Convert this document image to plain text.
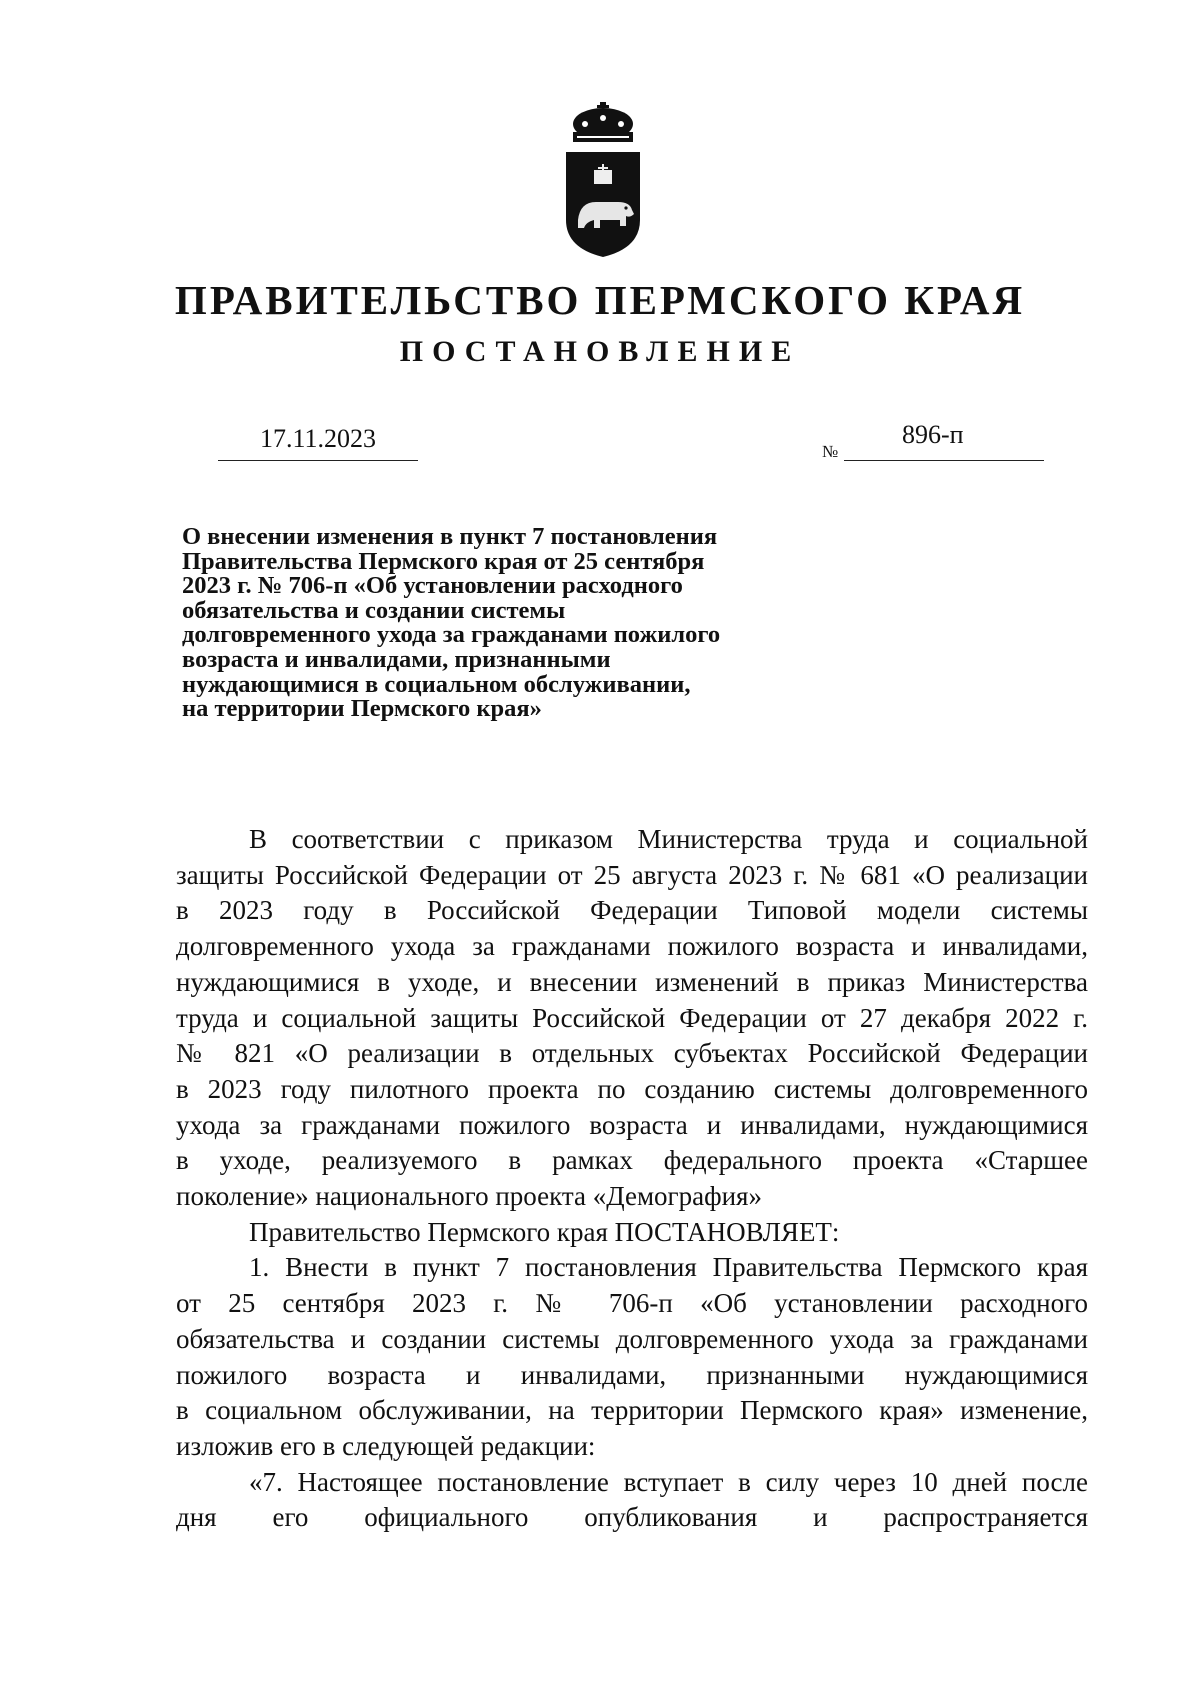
ПРАВИТЕЛЬСТВО ПЕРМСКОГО КРАЯ
ПОСТАНОВЛЕНИЕ
17.11.2023	№
896-п
О внесении изменения в пункт 7 постановления
Правительства Пермского края от 25 сентября
2023 г. № 706-п «Об установлении расходного
обязательства и создании системы
долговременного ухода за гражданами пожилого
возраста и инвалидами, признанными
нуждающимися в социальном обслуживании,
на территории Пермского края»
В соответствии с приказом Министерства труда и социальной
защиты Российской Федерации от 25 августа 2023 г. № 681 «О реализации
в 2023 году в Российской Федерации Типовой модели системы
долговременного ухода за гражданами пожилого возраста и инвалидами,
нуждающимися в уходе, и внесении изменений в приказ Министерства
труда и социальной защиты Российской Федерации от 27 декабря 2022 г.
№ 821 «О реализации в отдельных субъектах Российской Федерации
в 2023 году пилотного проекта по созданию системы долговременного
ухода за гражданами пожилого возраста и инвалидами, нуждающимися
в уходе, реализуемого в рамках федерального проекта «Старшее
поколение» национального проекта «Демография»
Правительство Пермского края ПОСТАНОВЛЯЕТ:
1. Внести в пункт 7 постановления Правительства Пермского края
от 25 сентября 2023 г. № 706-п «Об установлении расходного
обязательства и создании системы долговременного ухода за гражданами
пожилого возраста и инвалидами, признанными нуждающимися
в социальном обслуживании, на территории Пермского края» изменение,
изложив его в следующей редакции:
«7. Настоящее постановление вступает в силу через 10 дней после
дня его официального опубликования и распространяется
